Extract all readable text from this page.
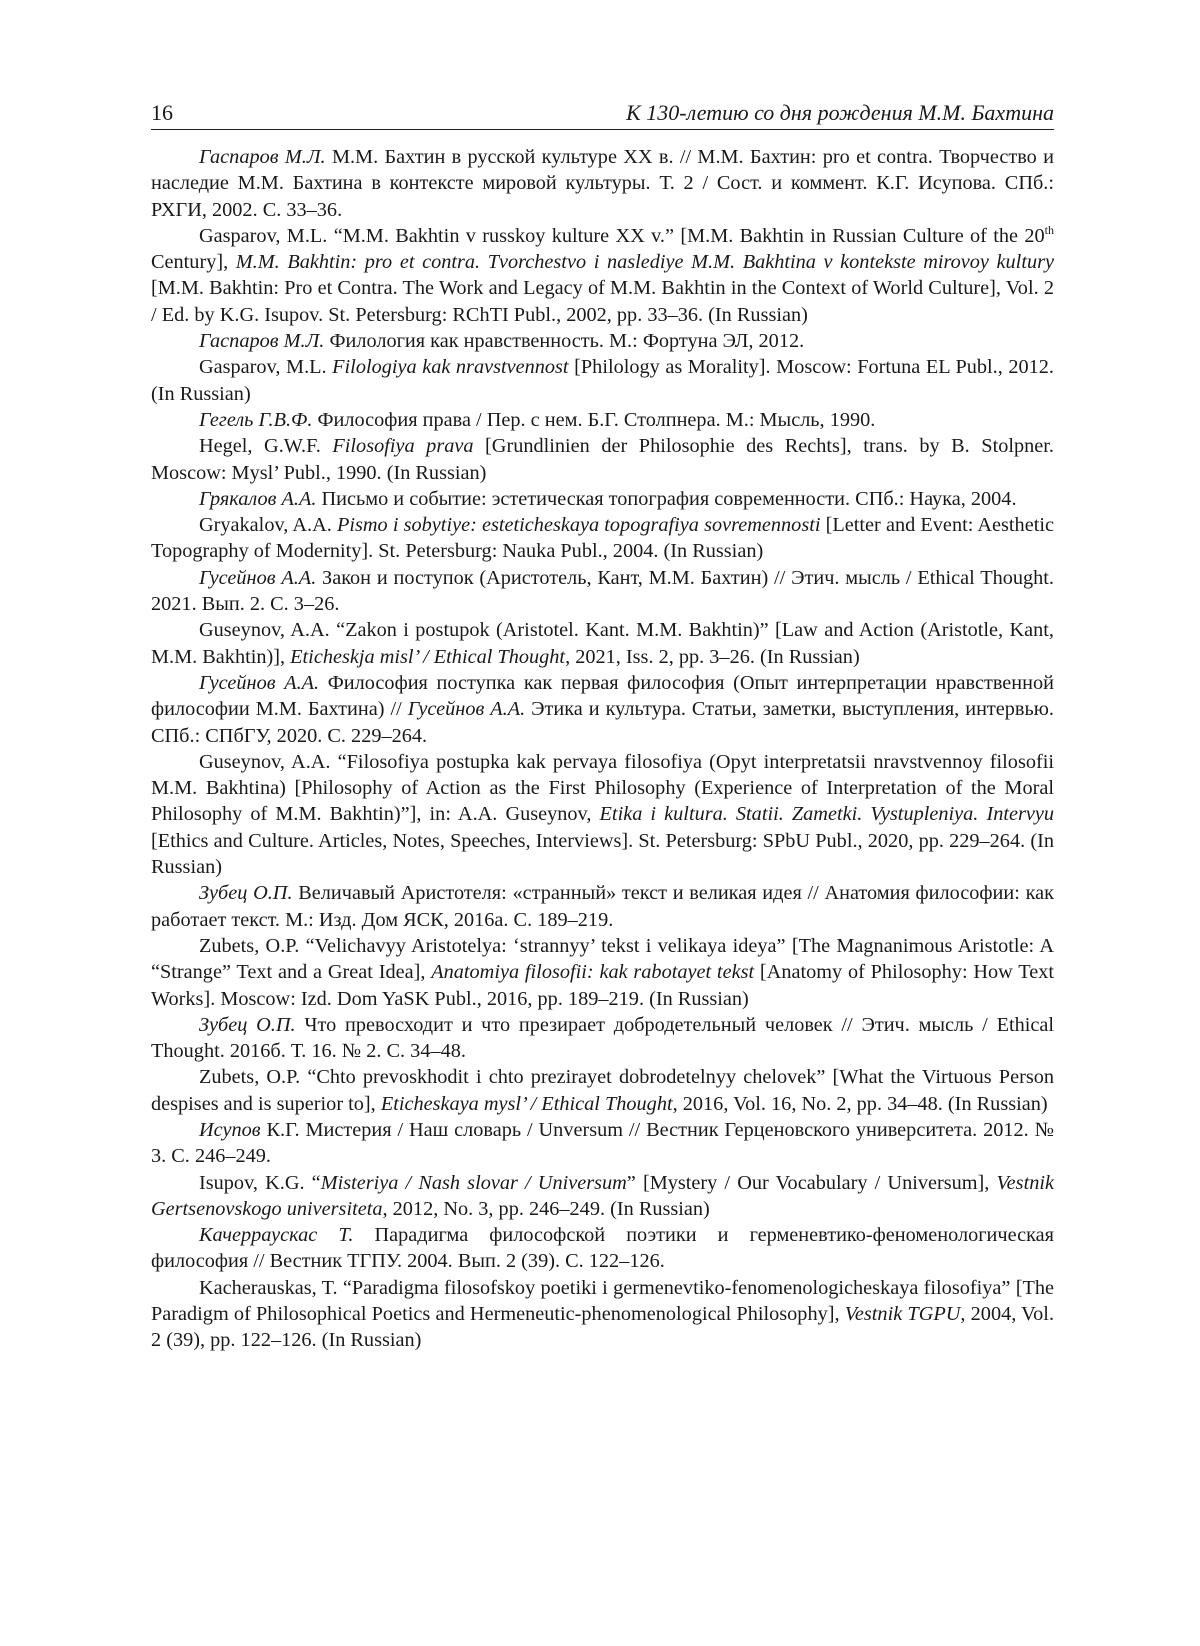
16	К 130-летию со дня рождения М.М. Бахтина

Гаспаров М.Л. М.М. Бахтин в русской культуре XX в. // М.М. Бахтин: pro et contra. Творчество и наследие М.М. Бахтина в контексте мировой культуры. Т. 2 / Сост. и коммент. К.Г. Исупова. СПб.: РХГИ, 2002. С. 33–36.

Gasparov, M.L. “M.M. Bakhtin v russkoy kulture XX v.” [M.M. Bakhtin in Russian Culture of the 20th Century], M.M. Bakhtin: pro et contra. Tvorchestvo i naslediye M.M. Bakhtina v kontekste mirovoy kultury [M.M. Bakhtin: Pro et Contra. The Work and Legacy of M.M. Bakhtin in the Context of World Culture], Vol. 2 / Ed. by K.G. Isupov. St. Petersburg: RChTI Publ., 2002, pp. 33–36. (In Russian)

Гаспаров М.Л. Филология как нравственность. М.: Фортуна ЭЛ, 2012.

Gasparov, M.L. Filologiya kak nravstvennost [Philology as Morality]. Moscow: Fortuna EL Publ., 2012. (In Russian)

Гегель Г.В.Ф. Философия права / Пер. с нем. Б.Г. Столпнера. М.: Мысль, 1990.

Hegel, G.W.F. Filosofiya prava [Grundlinien der Philosophie des Rechts], trans. by B. Stolpner. Moscow: Mysl’ Publ., 1990. (In Russian)

Грякалов А.А. Письмо и событие: эстетическая топография современности. СПб.: Наука, 2004.

Gryakalov, A.A. Pismo i sobytiye: esteticheskaya topografiya sovremennosti [Letter and Event: Aesthetic Topography of Modernity]. St. Petersburg: Nauka Publ., 2004. (In Russian)

Гусейнов А.А. Закон и поступок (Аристотель, Кант, М.М. Бахтин) // Этич. мысль / Ethical Thought. 2021. Вып. 2. С. 3–26.

Guseynov, A.A. “Zakon i postupok (Aristotel. Kant. M.M. Bakhtin)” [Law and Action (Aristotle, Kant, M.M. Bakhtin)], Eticheskja misl’ / Ethical Thought, 2021, Iss. 2, pp. 3–26. (In Russian)

Гусейнов А.А. Философия поступка как первая философия (Опыт интерпретации нравственной философии М.М. Бахтина) // Гусейнов А.А. Этика и культура. Статьи, заметки, выступления, интервью. СПб.: СПбГУ, 2020. С. 229–264.

Guseynov, A.A. “Filosofiya postupka kak pervaya filosofiya (Opyt interpretatsii nravstvennoy filosofii M.M. Bakhtina) [Philosophy of Action as the First Philosophy (Experience of Interpretation of the Moral Philosophy of M.M. Bakhtin)”], in: A.A. Guseynov, Etika i kultura. Statii. Zametki. Vystupleniya. Intervyu [Ethics and Culture. Articles, Notes, Speeches, Interviews]. St. Petersburg: SPbU Publ., 2020, pp. 229–264. (In Russian)

Зубец О.П. Величавый Аристотеля: «странный» текст и великая идея // Анатомия философии: как работает текст. М.: Изд. Дом ЯСК, 2016а. С. 189–219.

Zubets, O.P. “Velichavyy Aristotelya: ‘strannyy’ tekst i velikaya ideya” [The Magnanimous Aristotle: A “Strange” Text and a Great Idea], Anatomiya filosofii: kak rabotayet tekst [Anatomy of Philosophy: How Text Works]. Moscow: Izd. Dom YaSK Publ., 2016, pp. 189–219. (In Russian)

Зубец О.П. Что превосходит и что презирает добродетельный человек // Этич. мысль / Ethical Thought. 2016б. Т. 16. № 2. С. 34–48.

Zubets, O.P. “Chto prevoskhodit i chto prezirayet dobrodetelnyy chelovek” [What the Virtuous Person despises and is superior to], Eticheskaya mysl’ / Ethical Thought, 2016, Vol. 16, No. 2, pp. 34–48. (In Russian)

Исупов К.Г. Мистерия / Наш словарь / Unversum // Вестник Герценовского университета. 2012. № 3. С. 246–249.

Isupov, K.G. “Misteriya / Nash slovar / Universum” [Mystery / Our Vocabulary / Universum], Vestnik Gertsenovskogo universiteta, 2012, No. 3, pp. 246–249. (In Russian)

Качерраускас Т. Парадигма философской поэтики и герменевтико-феноменологическая философия // Вестник ТГПУ. 2004. Вып. 2 (39). С. 122–126.

Kacherauskas, T. “Paradigma filosofskoy poetiki i germenevtiko-fenomenologicheskaya filosofiya” [The Paradigm of Philosophical Poetics and Hermeneutic-phenomenological Philosophy], Vestnik TGPU, 2004, Vol. 2 (39), pp. 122–126. (In Russian)
